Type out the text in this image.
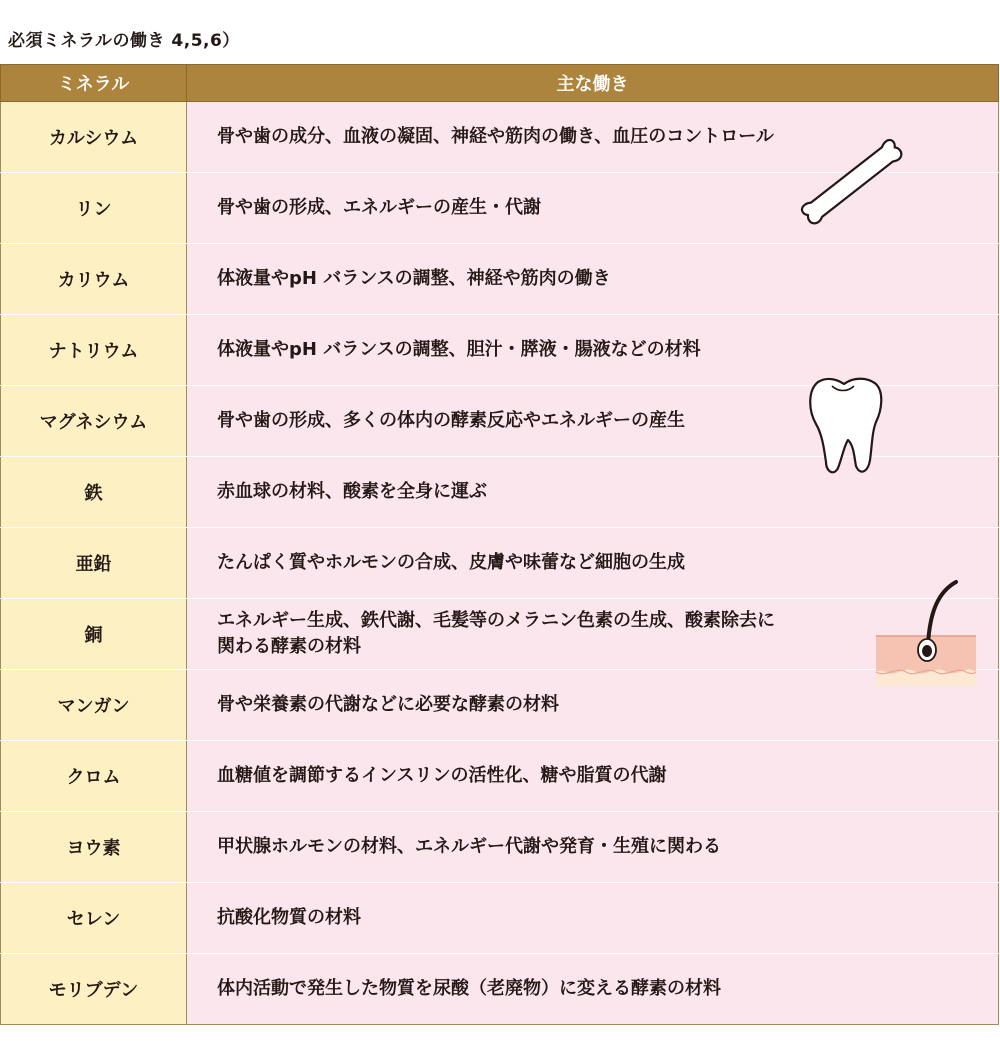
必須ミネラルの働き 4,5,6）
ミネラル	主な働き
カルシウム	骨や歯の成分、血液の凝固、神経や筋肉の働き、血圧のコントロール
リン	骨や歯の形成、エネルギーの産生・代謝
カリウム	体液量やpH バランスの調整、神経や筋肉の働き
ナトリウム	体液量やpH バランスの調整、胆汁・膵液・腸液などの材料
マグネシウム	骨や歯の形成、多くの体内の酵素反応やエネルギーの産生
鉄	赤血球の材料、酸素を全身に運ぶ
亜鉛	たんぱく質やホルモンの合成、皮膚や味蕾など細胞の生成
銅	エネルギー生成、鉄代謝、毛髪等のメラニン色素の生成、酸素除去に
関わる酵素の材料

マンガン	骨や栄養素の代謝などに必要な酵素の材料
クロム	血糖値を調節するインスリンの活性化、糖や脂質の代謝
ヨウ素	甲状腺ホルモンの材料、エネルギー代謝や発育・生殖に関わる
セレン	抗酸化物質の材料
モリブデン	体内活動で発生した物質を尿酸（老廃物）に変える酵素の材料
